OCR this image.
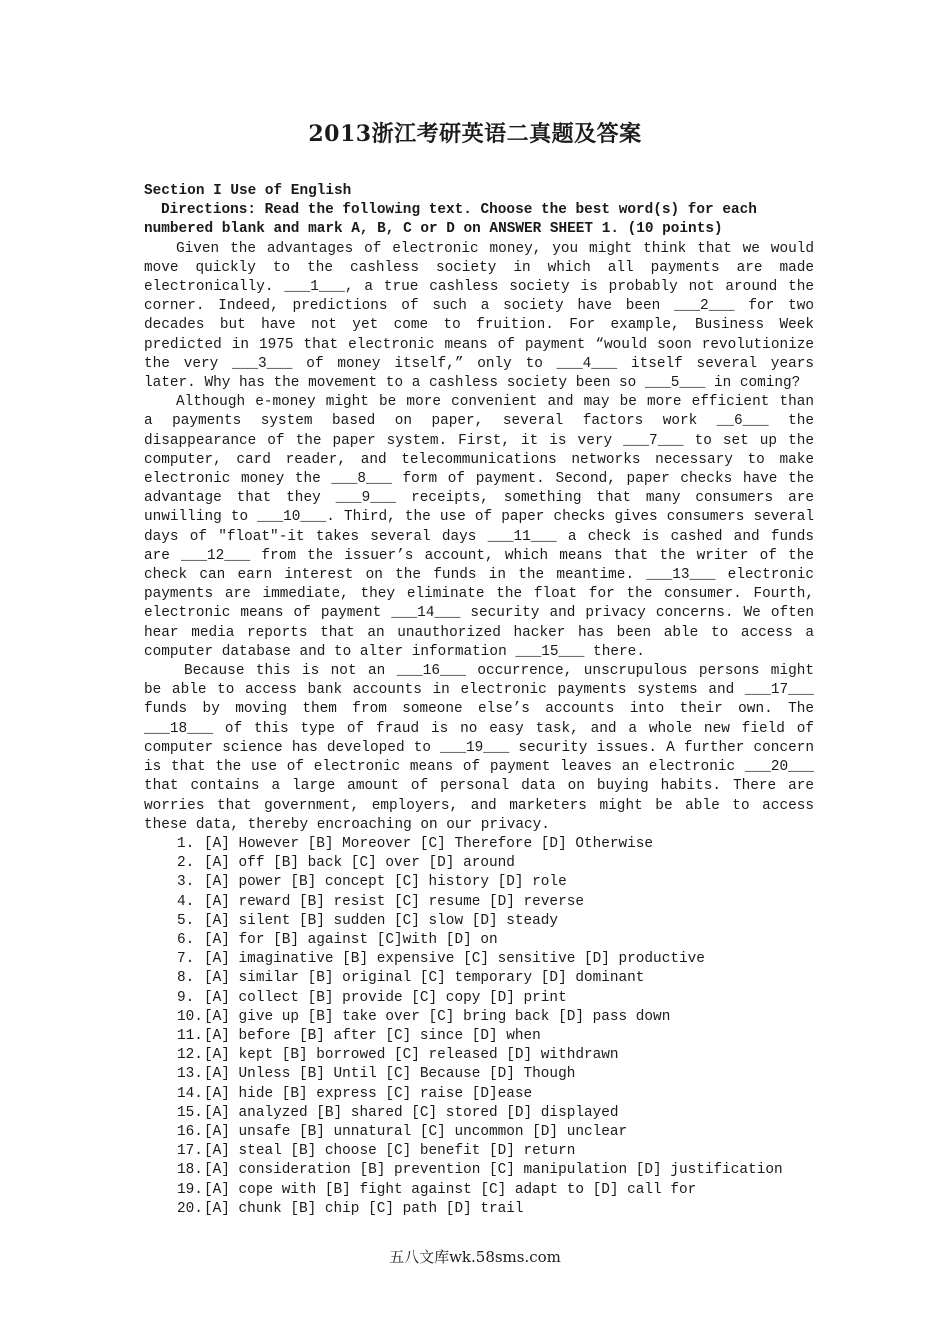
2013浙江考研英语二真题及答案
Section I Use of English
Directions: Read the following text. Choose the best word(s) for each numbered blank and mark A, B, C or D on ANSWER SHEET 1. (10 points)

Given the advantages of electronic money, you might think that we would move quickly to the cashless society in which all payments are made electronically. ___1___, a true cashless society is probably not around the corner. Indeed, predictions of such a society have been ___2___ for two decades but have not yet come to fruition. For example, Business Week predicted in 1975 that electronic means of payment “would soon revolutionize the very ___3___ of money itself,” only to ___4___ itself several years later. Why has the movement to a cashless society been so ___5___ in coming?

Although e-money might be more convenient and may be more efficient than a payments system based on paper, several factors work __6___ the disappearance of the paper system. First, it is very ___7___ to set up the computer, card reader, and telecommunications networks necessary to make electronic money the ___8___ form of payment. Second, paper checks have the advantage that they ___9___ receipts, something that many consumers are unwilling to ___10___. Third, the use of paper checks gives consumers several days of "float"-it takes several days ___11___ a check is cashed and funds are ___12___ from the issuer’s account, which means that the writer of the check can earn interest on the funds in the meantime. ___13___ electronic payments are immediate, they eliminate the float for the consumer. Fourth, electronic means of payment ___14___ security and privacy concerns. We often hear media reports that an unauthorized hacker has been able to access a computer database and to alter information ___15___ there.

Because this is not an ___16___ occurrence, unscrupulous persons might be able to access bank accounts in electronic payments systems and ___17___ funds by moving them from someone else’s accounts into their own. The ___18___ of this type of fraud is no easy task, and a whole new field of computer science has developed to ___19___ security issues. A further concern is that the use of electronic means of payment leaves an electronic ___20___ that contains a large amount of personal data on buying habits. There are worries that government, employers, and marketers might be able to access these data, thereby encroaching on our privacy.

1. [A] However [B] Moreover [C] Therefore [D] Otherwise
2. [A] off [B] back [C] over [D] around
3. [A] power [B] concept [C] history [D] role
4. [A] reward [B] resist [C] resume [D] reverse
5. [A] silent [B] sudden [C] slow [D] steady
6. [A] for [B] against [C]with [D] on
7. [A] imaginative [B] expensive [C] sensitive [D] productive
8. [A] similar [B] original [C] temporary [D] dominant
9. [A] collect [B] provide [C] copy [D] print
10.[A] give up [B] take over [C] bring back [D] pass down
11.[A] before [B] after [C] since [D] when
12.[A] kept [B] borrowed [C] released [D] withdrawn
13.[A] Unless [B] Until [C] Because [D] Though
14.[A] hide [B] express [C] raise [D]ease
15.[A] analyzed [B] shared [C] stored [D] displayed
16.[A] unsafe [B] unnatural [C] uncommon [D] unclear
17.[A] steal [B] choose [C] benefit [D] return
18.[A] consideration [B] prevention [C] manipulation [D] justification
19.[A] cope with [B] fight against [C] adapt to [D] call for
20.[A] chunk [B] chip [C] path [D] trail
五八文库wk.58sms.com
